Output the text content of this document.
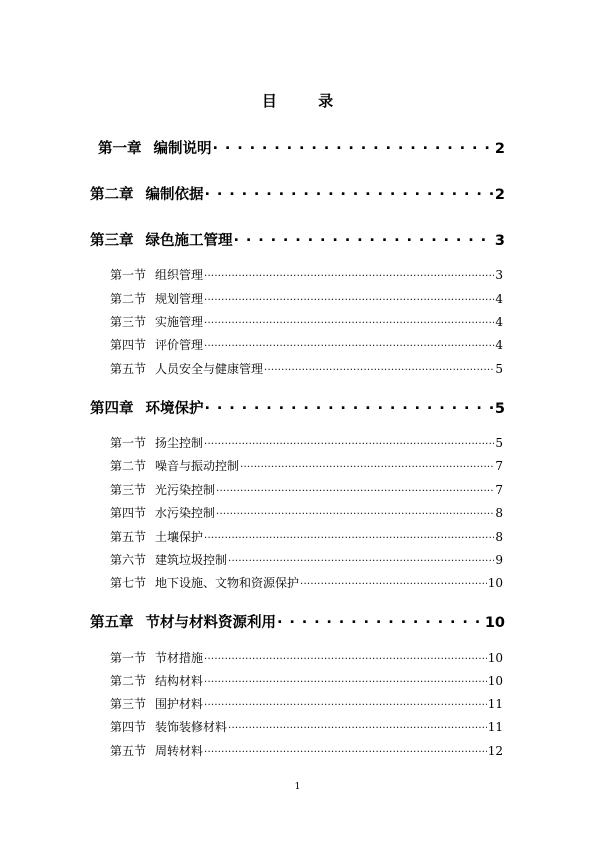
目 录
第一章 编制说明 . . .	2
第二章 编制依据 . . .	2
第三章 绿色施工管理 . . .	3
第一节 组织管理 .....	3
第二节 规划管理 .....	4
第三节 实施管理 .....	4
第四节 评价管理 .....	4
第五节 人员安全与健康管理 .....	5
第四章 环境保护 . . .	5
第一节 扬尘控制 .....	5
第二节 噪音与振动控制 .....	7
第三节 光污染控制 .....	7
第四节 水污染控制 .....	8
第五节 土壤保护 .....	8
第六节 建筑垃圾控制 .....	9
第七节 地下设施、文物和资源保护 .....	10
第五章 节材与材料资源利用 . . .	10
第一节 节材措施 .....	10
第二节 结构材料 .....	10
第三节 围护材料 .....	11
第四节 装饰装修材料 .....	11
第五节 周转材料 .....	12
1
